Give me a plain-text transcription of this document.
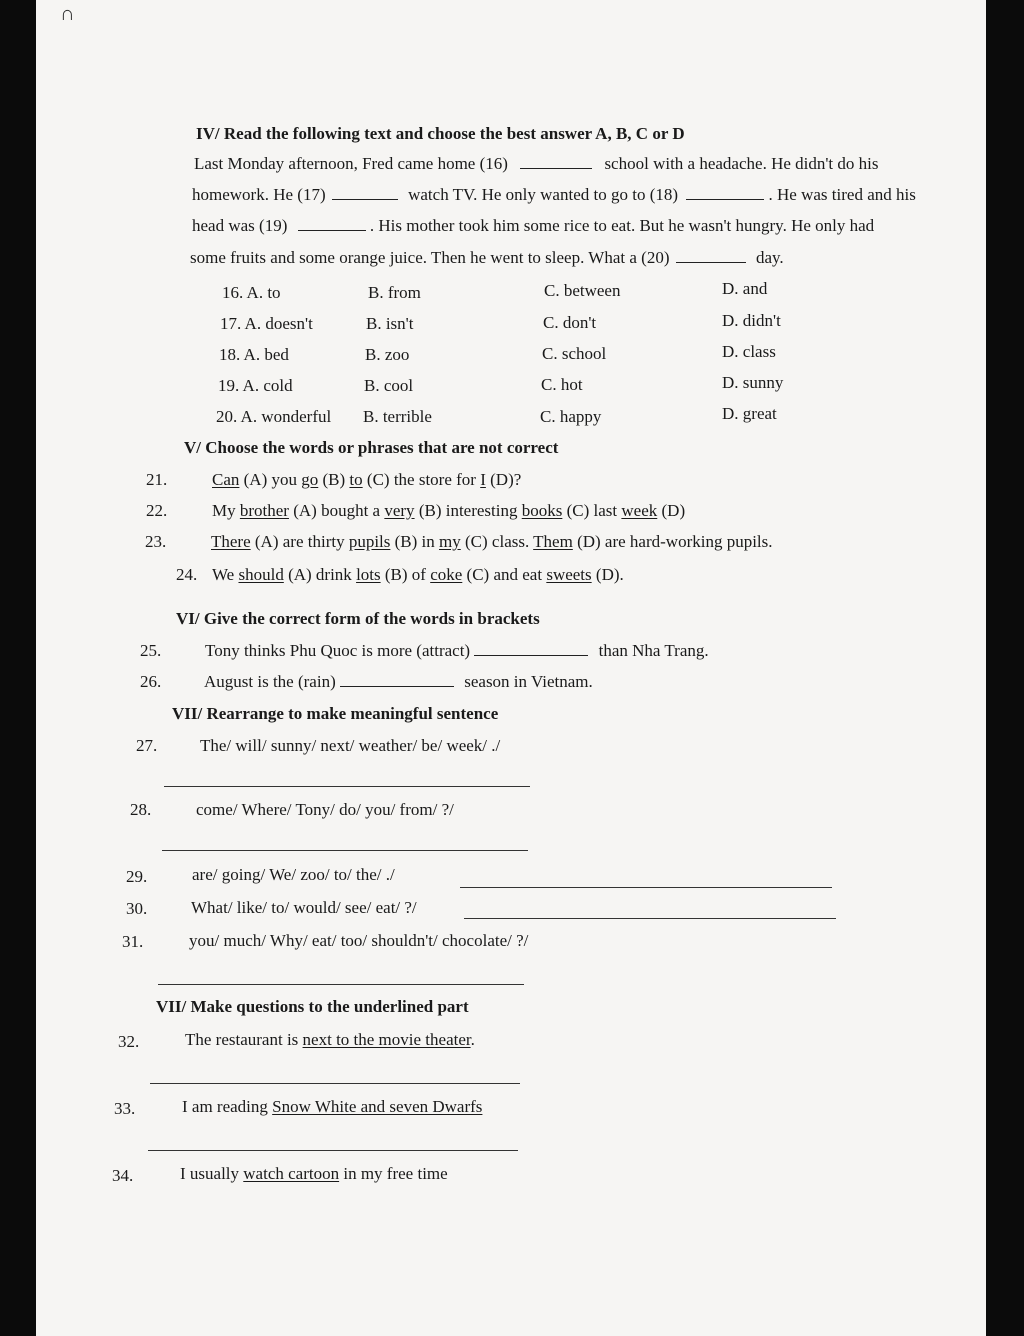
∩
IV/ Read the following text and choose the best answer A, B, C or D
Last Monday afternoon, Fred came home (16)	school with a headache. He didn't do his
homework. He (17)	watch TV. He only wanted to go to (18)	. He was tired and his
head was (19)	. His mother took him some rice to eat. But he wasn't hungry. He only had
some fruits and some orange juice. Then he went to sleep. What a (20)	day.
16. A. to	B. from	C. between	D. and
17. A. doesn't	B. isn't	C. don't	D. didn't
18. A. bed	B. zoo	C. school	D. class
19. A. cold	B. cool	C. hot	D. sunny
20. A. wonderful B. terrible	C. happy	D. great
V/ Choose the words or phrases that are not correct
21.	Can (A) you go (B) to (C) the store for I (D)?
22.	My brother (A) bought a very (B) interesting books (C) last week (D)
23.	There (A) are thirty pupils (B) in my (C) class. Them (D) are hard-working pupils.
24. We should (A) drink lots (B) of coke (C) and eat sweets (D).
VI/ Give the correct form of the words in brackets
25.	Tony thinks Phu Quoc is more (attract)	than Nha Trang.
26.	August is the (rain)	season in Vietnam.
VII/ Rearrange to make meaningful sentence
27.	The/ will/ sunny/ next/ weather/ be/ week/ ./
28.	come/ Where/ Tony/ do/ you/ from/ ?/
29.	are/ going/ We/ zoo/ to/ the/ ./
30.	What/ like/ to/ would/ see/ eat/ ?/
31.	you/ much/ Why/ eat/ too/ shouldn't/ chocolate/ ?/
VII/ Make questions to the underlined part
32.	The restaurant is next to the movie theater.
33.	I am reading Snow White and seven Dwarfs
34.	I usually watch cartoon in my free time
